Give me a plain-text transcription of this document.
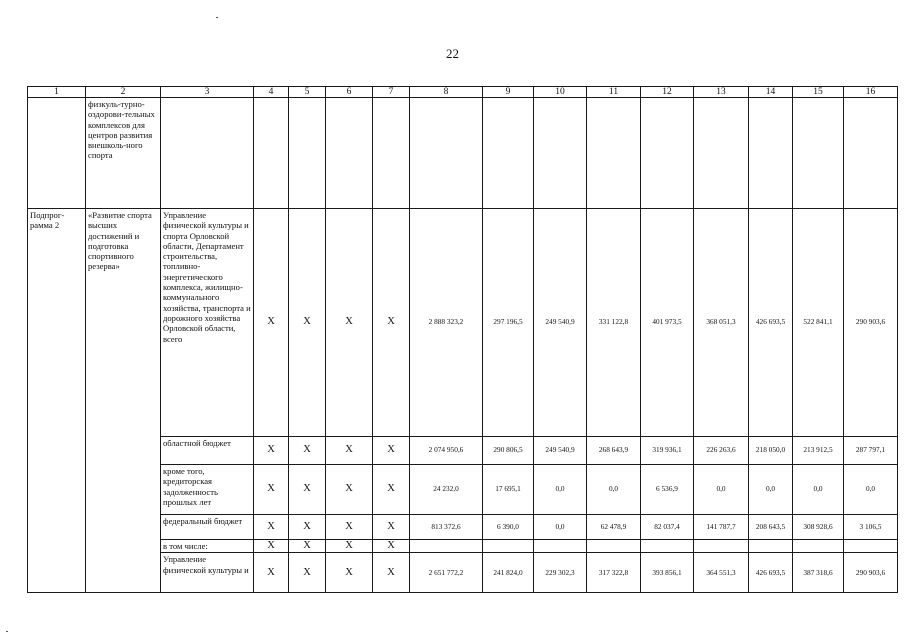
22
1	2	3	4	5	6	7	8	9	10	11	12	13	14	15	16
	физкуль-турно-оздорови-тельных комплексов для центров развития внешколь-ного спорта														
Подпрог-рамма 2	«Развитие спорта высших достижений и подготовка спортивного резерва»	Управление физической культуры и спорта Орловской области, Департамент строительства, топливно-энергетического комплекса, жилищно-коммунального хозяйства, транспорта и дорожного хозяйства Орловской области, всего	X	X	X	X	2 888 323,2	297 196,5	249 540,9	331 122,8	401 973,5	368 051,3	426 693,5	522 841,1	290 903,6
		областной бюджет	X	X	X	X	2 074 950,6	290 806,5	249 540,9	268 643,9	319 936,1	226 263,6	218 050,0	213 912,5	287 797,1
		кроме того, кредиторская задолженность прошлых лет	X	X	X	X	24 232,0	17 695,1	0,0	0,0	6 536,9	0,0	0,0	0,0	0,0
		федеральный бюджет	X	X	X	X	813 372,6	6 390,0	0,0	62 478,9	82 037,4	141 787,7	208 643,5	308 928,6	3 106,5
		в том числе:	X	X	X	X									
		Управление физической культуры и	X	X	X	X	2 651 772,2	241 824,0	229 302,3	317 322,8	393 856,1	364 551,3	426 693,5	387 318,6	290 903,6
